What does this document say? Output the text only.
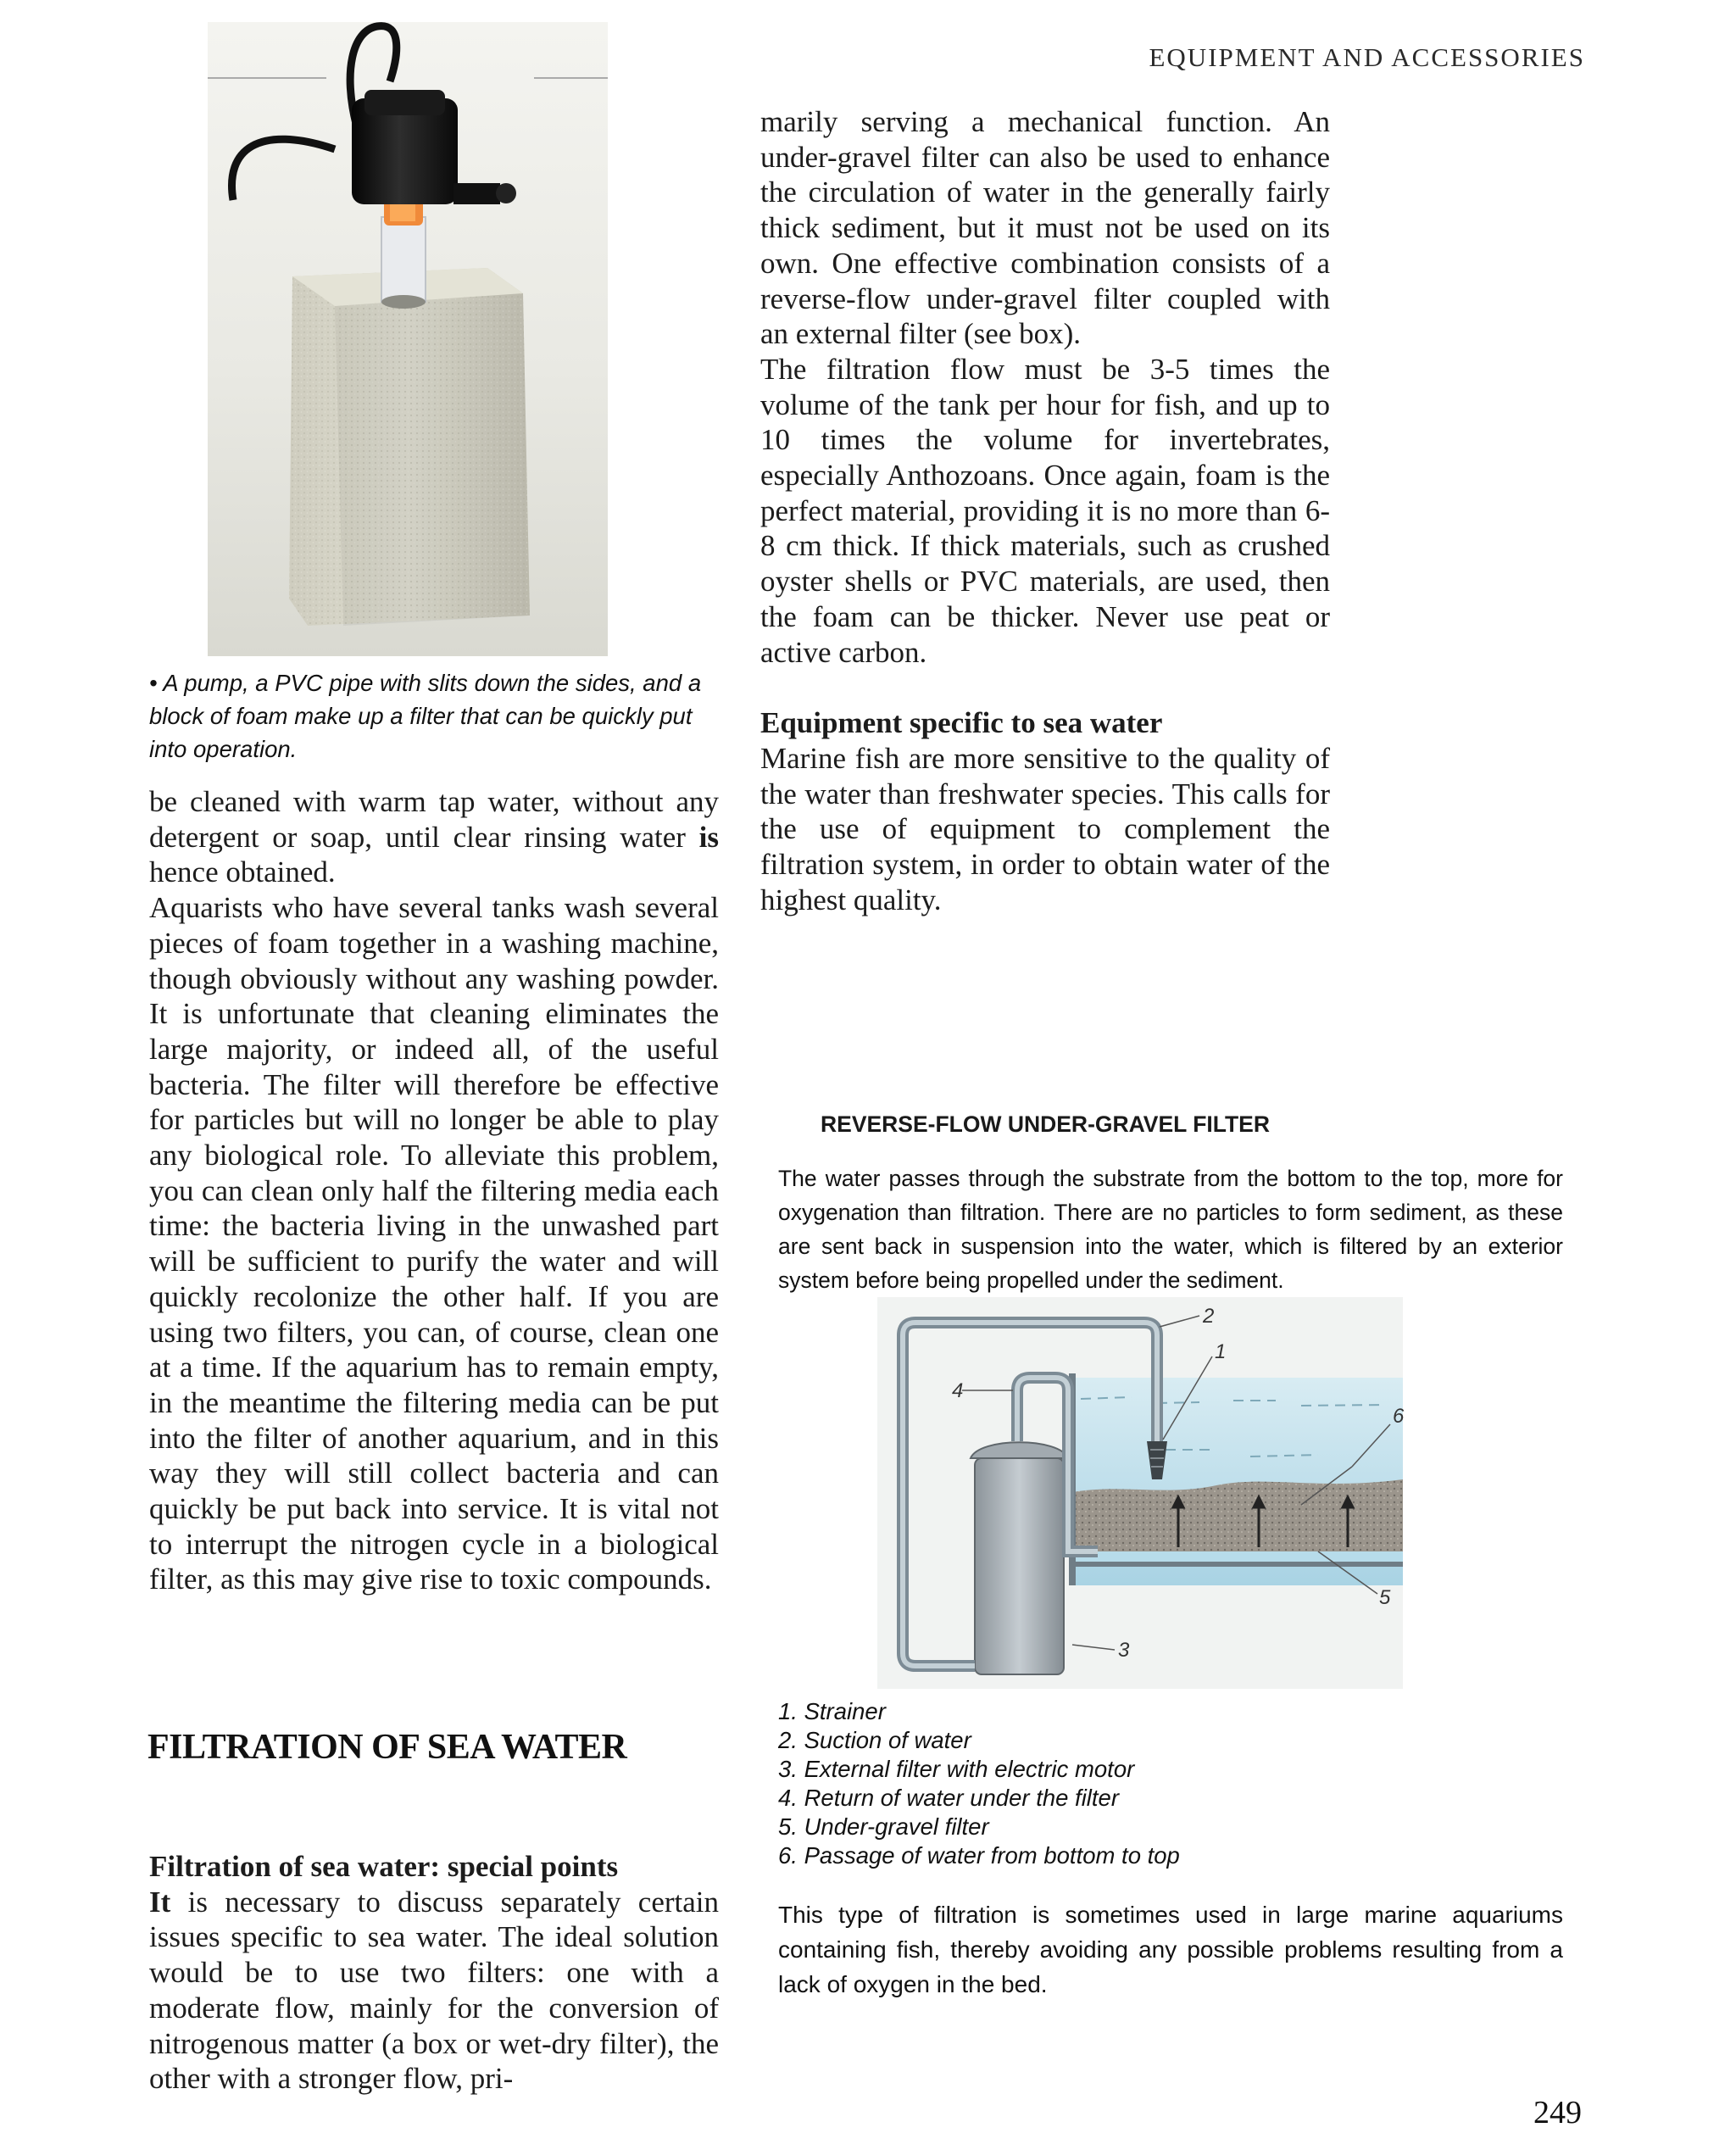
EQUIPMENT AND ACCESSORIES
• A pump, a PVC pipe with slits down the sides, and a block of foam make up a filter that can be quickly put into operation.

be cleaned with warm tap water, without any detergent or soap, until clear rinsing water is hence obtained.

Aquarists who have several tanks wash several pieces of foam together in a washing machine, though obviously without any washing powder. It is unfortunate that cleaning eliminates the large majority, or indeed all, of the useful bacteria. The filter will therefore be effective for particles but will no longer be able to play any biological role. To alleviate this problem, you can clean only half the filtering media each time: the bacteria living in the unwashed part will be sufficient to purify the water and will quickly recolonize the other half. If you are using two filters, you can, of course, clean one at a time. If the aquarium has to remain empty, in the meantime the filtering media can be put into the filter of another aquarium, and in this way they will still collect bacteria and can quickly be put back into service. It is vital not to interrupt the nitrogen cycle in a biological filter, as this may give rise to toxic compounds.

FILTRATION OF SEA WATER

Filtration of sea water: special points

It is necessary to discuss separately certain issues specific to sea water. The ideal solution would be to use two filters: one with a moderate flow, mainly for the conversion of nitrogenous matter (a box or wet-dry filter), the other with a stronger flow, pri-

marily serving a mechanical function. An under-gravel filter can also be used to enhance the circulation of water in the generally fairly thick sediment, but it must not be used on its own. One effective combination consists of a reverse-flow under-gravel filter coupled with an external filter (see box).

The filtration flow must be 3-5 times the volume of the tank per hour for fish, and up to 10 times the volume for invertebrates, especially Anthozoans. Once again, foam is the perfect material, providing it is no more than 6-8 cm thick. If thick materials, such as crushed oyster shells or PVC materials, are used, then the foam can be thicker. Never use peat or active carbon.

Equipment specific to sea water

Marine fish are more sensitive to the quality of the water than freshwater species. This calls for the use of equipment to complement the filtration system, in order to obtain water of the highest quality.

REVERSE-FLOW UNDER-GRAVEL FILTER
The water passes through the substrate from the bottom to the top, more for oxygenation than filtration. There are no particles to form sediment, as these are sent back in suspension into the water, which is filtered by an exterior system before being propelled under the sediment.
1
2
3
4
5
6
1. Strainer
2. Suction of water
3. External filter with electric motor
4. Return of water under the filter
5. Under-gravel filter
6. Passage of water from bottom to top
This type of filtration is sometimes used in large marine aquariums containing fish, thereby avoiding any possible problems resulting from a lack of oxygen in the bed.
249
